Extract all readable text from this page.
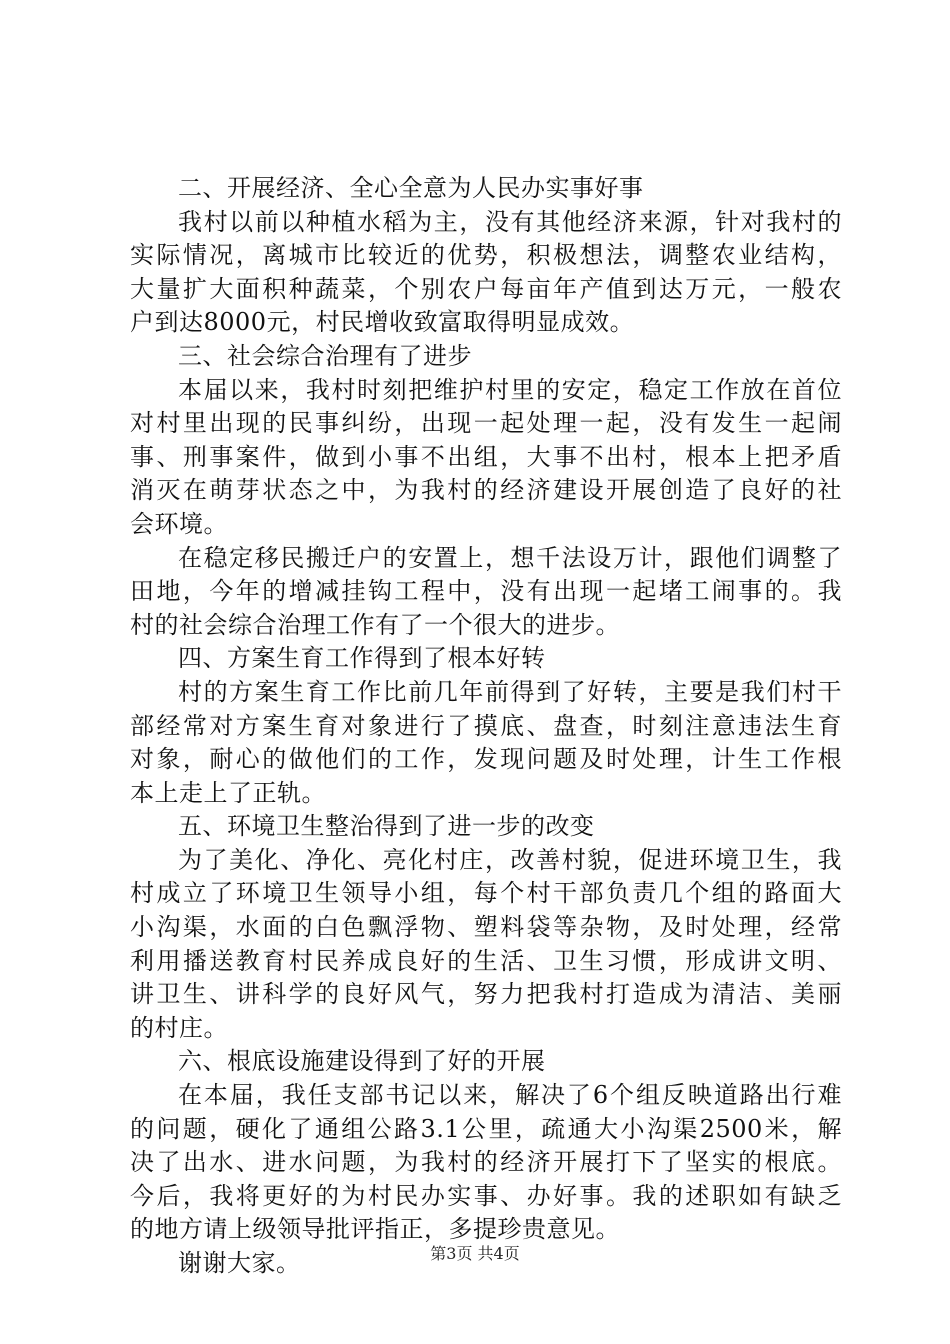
二、开展经济、全心全意为人民办实事好事
我村以前以种植水稻为主，没有其他经济来源，针对我村的
实际情况，离城市比较近的优势，积极想法，调整农业结构，
大量扩大面积种蔬菜，个别农户每亩年产值到达万元，一般农
户到达8000元，村民增收致富取得明显成效。
三、社会综合治理有了进步
本届以来，我村时刻把维护村里的安定，稳定工作放在首位
对村里出现的民事纠纷，出现一起处理一起，没有发生一起闹
事、刑事案件，做到小事不出组，大事不出村，根本上把矛盾
消灭在萌芽状态之中，为我村的经济建设开展创造了良好的社
会环境。
在稳定移民搬迁户的安置上，想千法设万计，跟他们调整了
田地，今年的增减挂钩工程中，没有出现一起堵工闹事的。我
村的社会综合治理工作有了一个很大的进步。
四、方案生育工作得到了根本好转
村的方案生育工作比前几年前得到了好转，主要是我们村干
部经常对方案生育对象进行了摸底、盘查，时刻注意违法生育
对象，耐心的做他们的工作，发现问题及时处理，计生工作根
本上走上了正轨。
五、环境卫生整治得到了进一步的改变
为了美化、净化、亮化村庄，改善村貌，促进环境卫生，我
村成立了环境卫生领导小组，每个村干部负责几个组的路面大
小沟渠，水面的白色飘浮物、塑料袋等杂物，及时处理，经常
利用播送教育村民养成良好的生活、卫生习惯，形成讲文明、
讲卫生、讲科学的良好风气，努力把我村打造成为清洁、美丽
的村庄。
六、根底设施建设得到了好的开展
在本届，我任支部书记以来，解决了6个组反映道路出行难
的问题，硬化了通组公路3.1公里，疏通大小沟渠2500米，解
决了出水、进水问题，为我村的经济开展打下了坚实的根底。
今后，我将更好的为村民办实事、办好事。我的述职如有缺乏
的地方请上级领导批评指正，多提珍贵意见。
谢谢大家。	第3页 共4页
